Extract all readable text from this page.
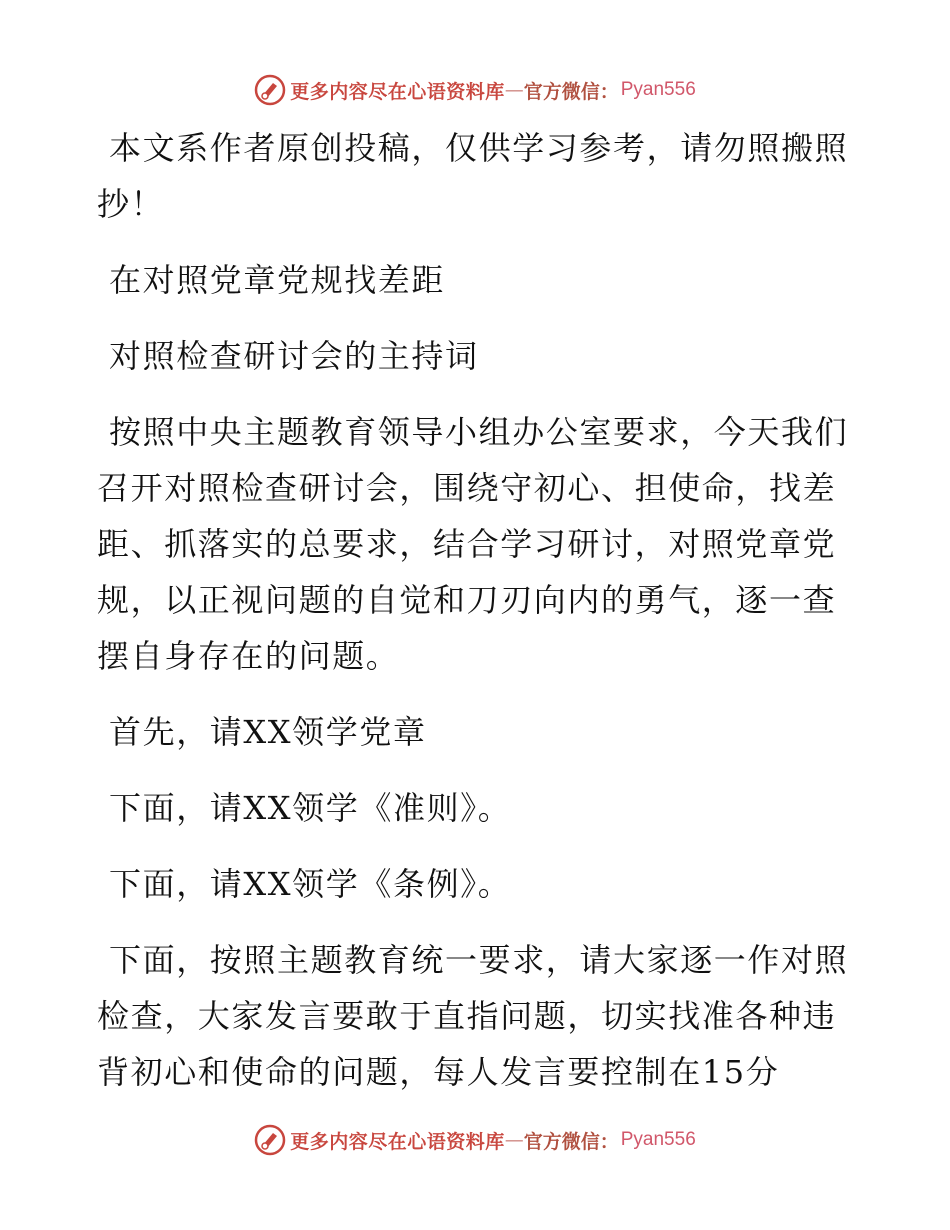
更多内容尽在心语资料库 — 官方微信： Pyan556

本文系作者原创投稿，仅供学习参考，请勿照搬照抄！

在对照党章党规找差距

对照检查研讨会的主持词

按照中央主题教育领导小组办公室要求，今天我们召开对照检查研讨会，围绕守初心、担使命，找差距、抓落实的总要求，结合学习研讨，对照党章党规，以正视问题的自觉和刀刃向内的勇气，逐一查摆自身存在的问题。

首先，请XX领学党章

下面，请XX领学《准则》。

下面，请XX领学《条例》。

下面，按照主题教育统一要求，请大家逐一作对照检查，大家发言要敢于直指问题，切实找准各种违背初心和使命的问题，每人发言要控制在15分

更多内容尽在心语资料库 — 官方微信： Pyan556
